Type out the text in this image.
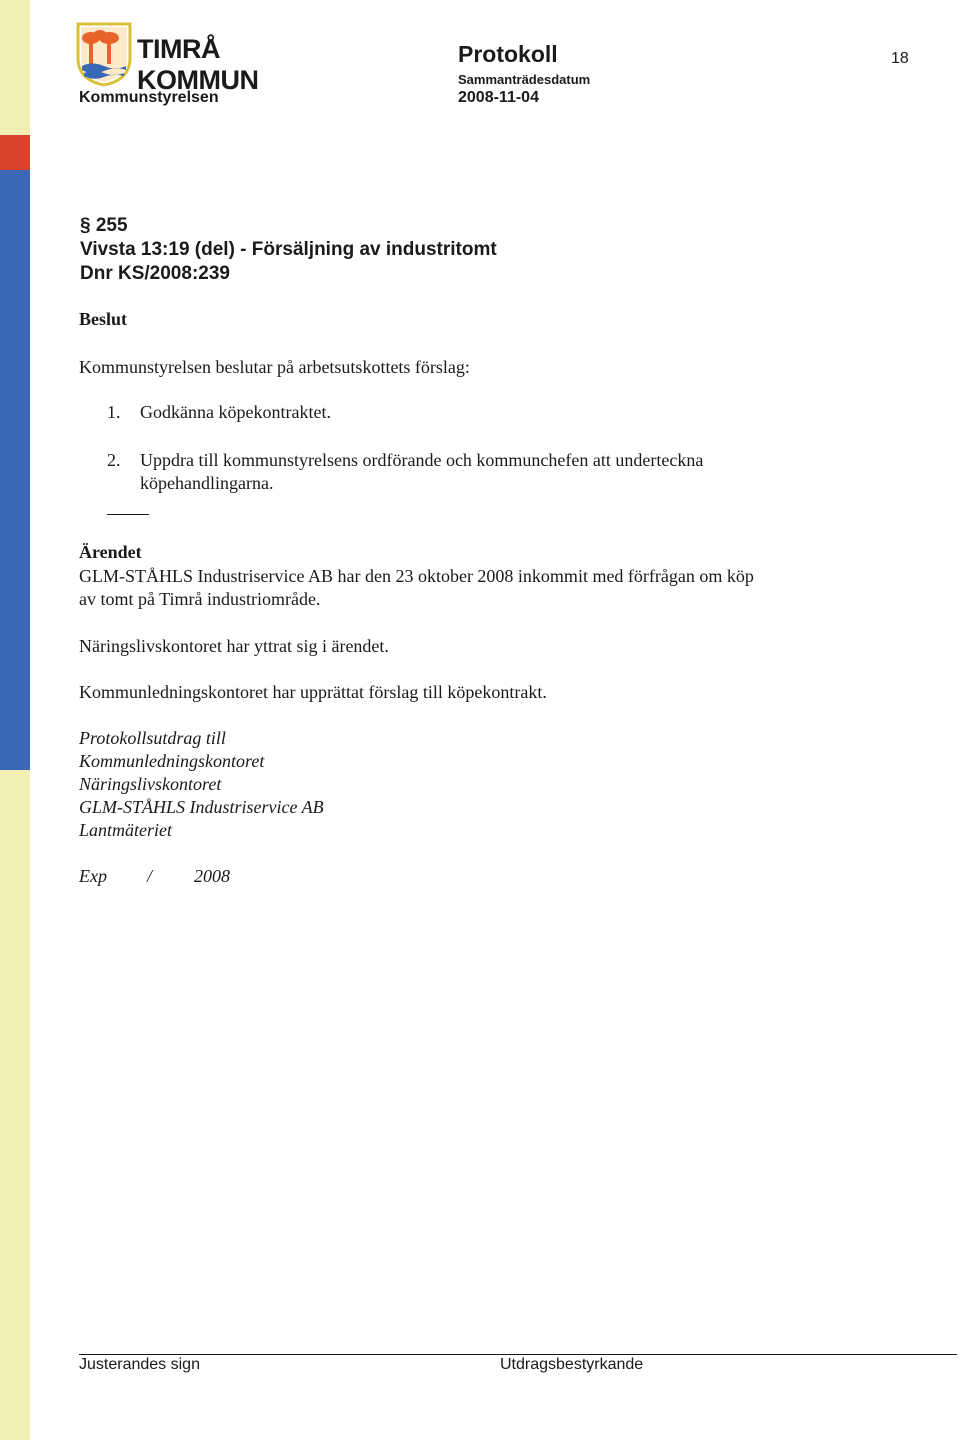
TIMRÅ KOMMUN
Protokoll
Sammanträdesdatum
2008-11-04
Kommunstyrelsen
18
§ 255
Vivsta 13:19 (del) - Försäljning av industritomt
Dnr KS/2008:239
Beslut
Kommunstyrelsen beslutar på arbetsutskottets förslag:
1. Godkänna köpekontraktet.
2. Uppdra till kommunstyrelsens ordförande och kommunchefen att underteckna
köpehandlingarna.
Ärendet
GLM-STÅHLS Industriservice AB har den 23 oktober 2008 inkommit med förfrågan om köp
av tomt på Timrå industriområde.
Näringslivskontoret har yttrat sig i ärendet.
Kommunledningskontoret har upprättat förslag till köpekontrakt.
Protokollsutdrag till
Kommunledningskontoret
Näringslivskontoret
GLM-STÅHLS Industriservice AB
Lantmäteriet
Exp / 2008
Justerandes sign	Utdragsbestyrkande
